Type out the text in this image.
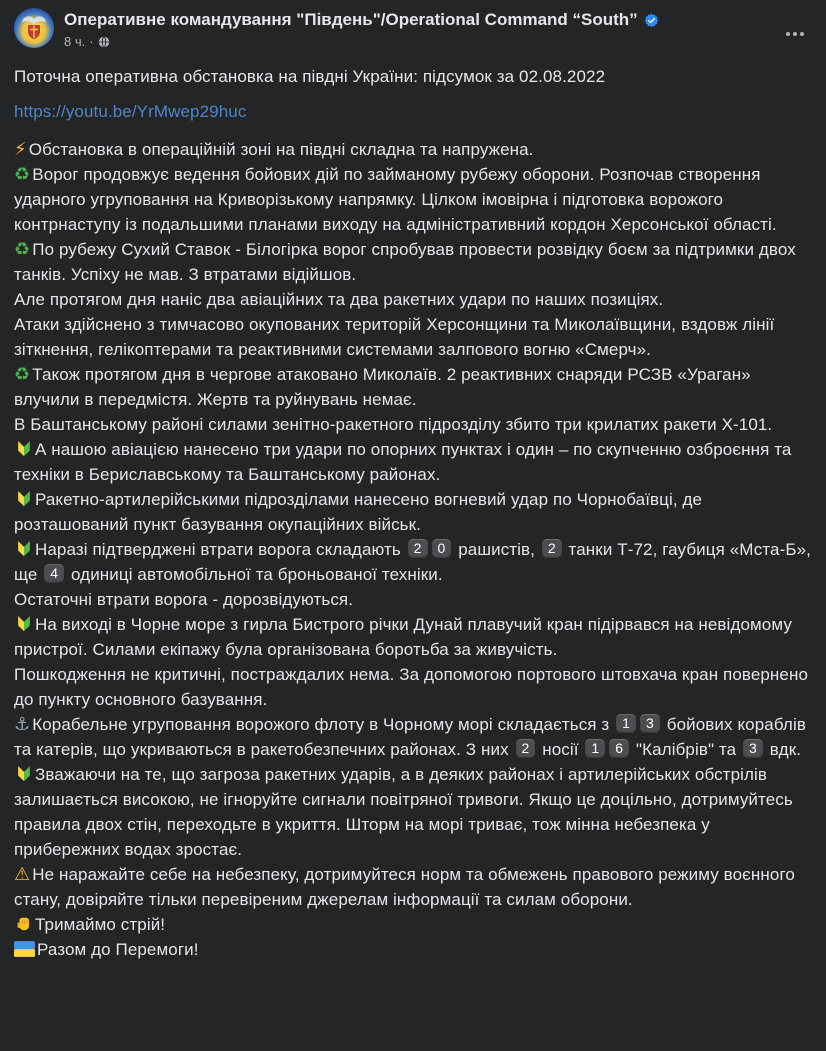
Оперативне командування "Південь"/Operational Command “South”
8 ч. ·

Поточна оперативна обстановка на півдні України: підсумок за 02.08.2022

https://youtu.be/YrMwep29huc

⚡ Обстановка в операційній зоні на півдні складна та напружена.

♻ Ворог продовжує ведення бойових дій по займаному рубежу оборони. Розпочав створення ударного угруповання на Криворізькому напрямку. Цілком імовірна і підготовка ворожого контрнаступу із подальшими планами виходу на адміністративний кордон Херсонської області.

♻ По рубежу Сухий Ставок - Білогірка ворог спробував провести розвідку боєм за підтримки двох танків. Успіху не мав. З втратами відійшов.

Але протягом дня наніс два авіаційних та два ракетних удари по наших позиціях.

Атаки здійснено з тимчасово окупованих територій Херсонщини та Миколаївщини, вздовж лінії зіткнення, гелікоптерами та реактивними системами залпового вогню «Смерч».

♻ Також протягом дня в чергове атаковано Миколаїв. 2 реактивних снаряди РСЗВ «Ураган» влучили в передмістя. Жертв та руйнувань немає.

В Баштанському районі силами зенітно-ракетного підрозділу збито три крилатих ракети Х-101.

А нашою авіацією нанесено три удари по опорних пунктах і один – по скупченню озброєння та техніки в Бериславському та Баштанському районах.

Ракетно-артилерійськими підрозділами нанесено вогневий удар по Чорнобаївці, де розташований пункт базування окупаційних військ.

Наразі підтверджені втрати ворога складають 2 0 рашистів, 2 танки Т-72, гаубиця «Мста-Б», ще 4 одиниці автомобільної та броньованої техніки.

Остаточні втрати ворога - дорозвідуються.

На виході в Чорне море з гирла Бистрого річки Дунай плавучий кран підірвався на невідомому пристрої. Силами екіпажу була організована боротьба за живучість.

Пошкодження не критичні, постраждалих нема. За допомогою портового штовхача кран повернено до пункту основного базування.

⚓ Корабельне угруповання ворожого флоту в Чорному морі складається з 1 3 бойових кораблів та катерів, що укриваються в ракетобезпечних районах. З них 2 носії 1 6 "Калібрів" та 3 вдк.

Зважаючи на те, що загроза ракетних ударів, а в деяких районах і артилерійських обстрілів залишається високою, не ігноруйте сигнали повітряної тривоги. Якщо це доцільно, дотримуйтесь правила двох стін, переходьте в укриття. Шторм на морі триває, тож мінна небезпека у прибережних водах зростає.

⚠ Не наражайте себе на небезпеку, дотримуйтеся норм та обмежень правового режиму воєнного стану, довіряйте тільки перевіреним джерелам інформації та силам оборони.

Тримаймо стрій!

Разом до Перемоги!
